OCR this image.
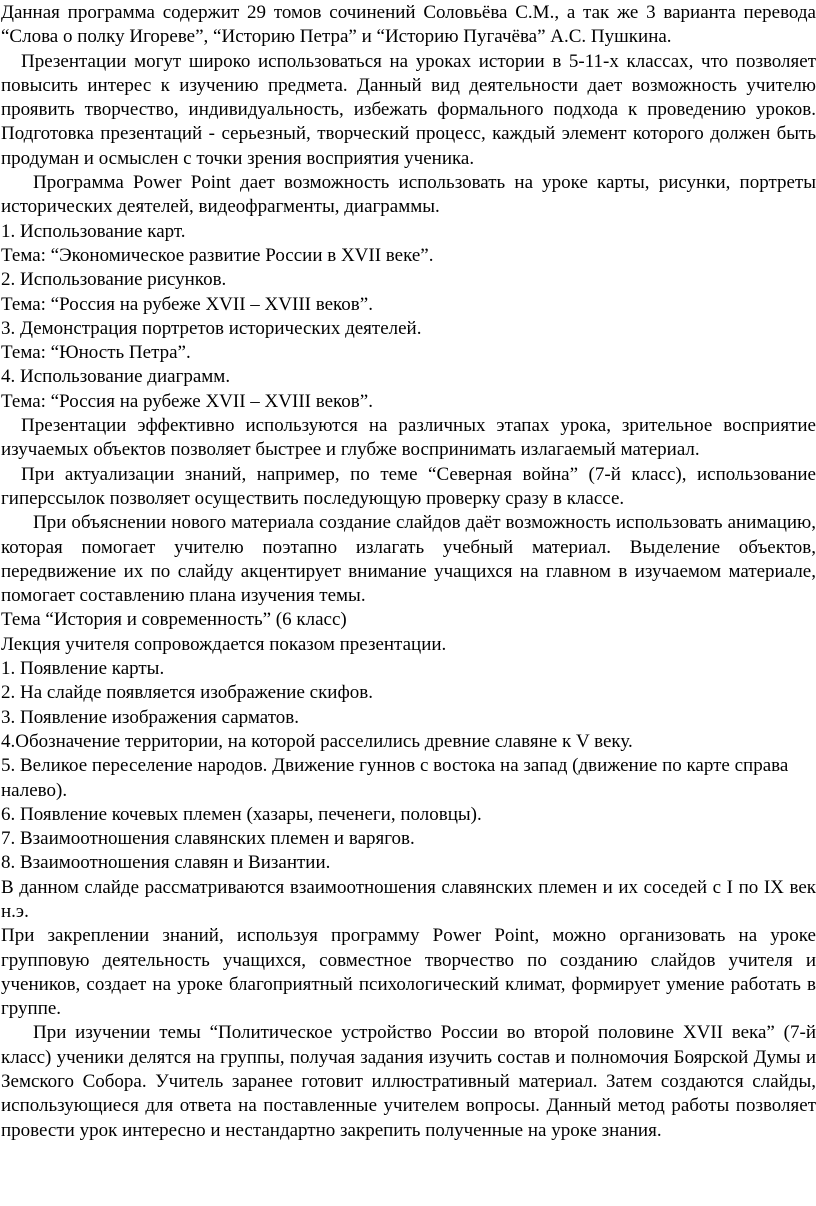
Данная программа содержит 29 томов сочинений Соловьёва С.М., а так же 3 варианта перевода “Слова о полку Игореве”, “Историю Петра” и “Историю Пугачёва” А.С. Пушкина.

Презентации могут широко использоваться на уроках истории в 5-11-х классах, что позволяет повысить интерес к изучению предмета. Данный вид деятельности дает возможность учителю проявить творчество, индивидуальность, избежать формального подхода к проведению уроков. Подготовка презентаций - серьезный, творческий процесс, каждый элемент которого должен быть продуман и осмыслен с точки зрения восприятия ученика.

Программа Power Point дает возможность использовать на уроке карты, рисунки, портреты исторических деятелей, видеофрагменты, диаграммы.

1. Использование карт.

Тема: “Экономическое развитие России в XVII веке”.

2. Использование рисунков.

Тема: “Россия на рубеже XVII – XVIII веков”.

3. Демонстрация портретов исторических деятелей.

Тема: “Юность Петра”.

4. Использование диаграмм.

Тема: “Россия на рубеже XVII – XVIII веков”.

Презентации эффективно используются на различных этапах урока, зрительное восприятие изучаемых объектов позволяет быстрее и глубже воспринимать излагаемый материал.

При актуализации знаний, например, по теме “Северная война” (7-й класс), использование гиперссылок позволяет осуществить последующую проверку сразу в классе.

При объяснении нового материала создание слайдов даёт возможность использовать анимацию, которая помогает учителю поэтапно излагать учебный материал. Выделение объектов, передвижение их по слайду акцентирует внимание учащихся на главном в изучаемом материале, помогает составлению плана изучения темы.

Тема “История и современность” (6 класс)

Лекция учителя сопровождается показом презентации.

1. Появление карты.

2. На слайде появляется изображение скифов.

3. Появление изображения сарматов.

4.Обозначение территории, на которой расселились древние славяне к V веку.

5. Великое переселение народов. Движение гуннов с востока на запад (движение по карте справа налево).

6. Появление кочевых племен (хазары, печенеги, половцы).

7. Взаимоотношения славянских племен и варягов.

8. Взаимоотношения славян и Византии.

В данном слайде рассматриваются взаимоотношения славянских племен и их соседей с I по IX век н.э.

При закреплении знаний, используя программу Power Point, можно организовать на уроке групповую деятельность учащихся, совместное творчество по созданию слайдов учителя и учеников, создает на уроке благоприятный психологический климат, формирует умение работать в группе.

При изучении темы “Политическое устройство России во второй половине XVII века” (7-й класс) ученики делятся на группы, получая задания изучить состав и полномочия Боярской Думы и Земского Собора. Учитель заранее готовит иллюстративный материал. Затем создаются слайды, использующиеся для ответа на поставленные учителем вопросы. Данный метод работы позволяет провести урок интересно и нестандартно закрепить полученные на уроке знания.
